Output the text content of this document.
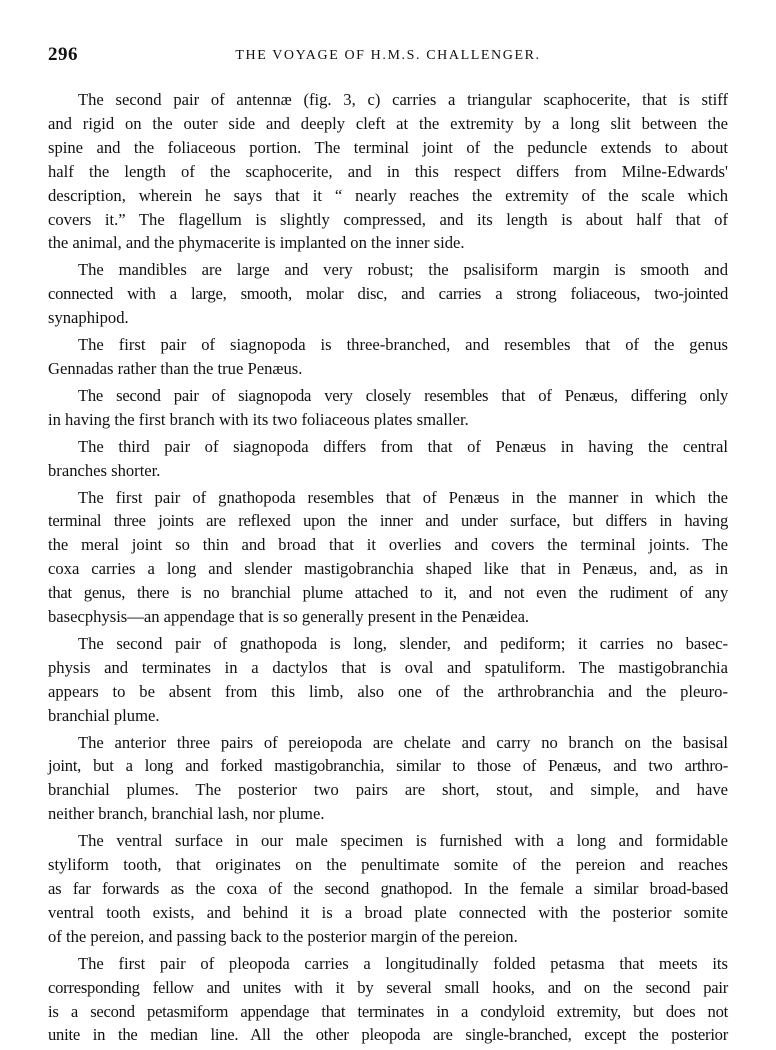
296	THE VOYAGE OF H.M.S. CHALLENGER.
The second pair of antennæ (fig. 3, c) carries a triangular scaphocerite, that is stiff
and rigid on the outer side and deeply cleft at the extremity by a long slit between the
spine and the foliaceous portion. The terminal joint of the peduncle extends to about
half the length of the scaphocerite, and in this respect differs from Milne-Edwards'
description, wherein he says that it “ nearly reaches the extremity of the scale which
covers it.” The flagellum is slightly compressed, and its length is about half that of
the animal, and the phymacerite is implanted on the inner side.
The mandibles are large and very robust; the psalisiform margin is smooth and
connected with a large, smooth, molar disc, and carries a strong foliaceous, two-jointed
synaphipod.
The first pair of siagnopoda is three-branched, and resembles that of the genus
Gennadas rather than the true Penæus.
The second pair of siagnopoda very closely resembles that of Penæus, differing only
in having the first branch with its two foliaceous plates smaller.
The third pair of siagnopoda differs from that of Penæus in having the central
branches shorter.
The first pair of gnathopoda resembles that of Penæus in the manner in which the
terminal three joints are reflexed upon the inner and under surface, but differs in having
the meral joint so thin and broad that it overlies and covers the terminal joints. The
coxa carries a long and slender mastigobranchia shaped like that in Penæus, and, as in
that genus, there is no branchial plume attached to it, and not even the rudiment of any
basecphysis—an appendage that is so generally present in the Penæidea.
The second pair of gnathopoda is long, slender, and pediform; it carries no basec-
physis and terminates in a dactylos that is oval and spatuliform. The mastigobranchia
appears to be absent from this limb, also one of the arthrobranchia and the pleuro-
branchial plume.
The anterior three pairs of pereiopoda are chelate and carry no branch on the basisal
joint, but a long and forked mastigobranchia, similar to those of Penæus, and two arthro-
branchial plumes. The posterior two pairs are short, stout, and simple, and have
neither branch, branchial lash, nor plume.
The ventral surface in our male specimen is furnished with a long and formidable
styliform tooth, that originates on the penultimate somite of the pereion and reaches
as far forwards as the coxa of the second gnathopod. In the female a similar broad-based
ventral tooth exists, and behind it is a broad plate connected with the posterior somite
of the pereion, and passing back to the posterior margin of the pereion.
The first pair of pleopoda carries a longitudinally folded petasma that meets its
corresponding fellow and unites with it by several small hooks, and on the second pair
is a second petasmiform appendage that terminates in a condyloid extremity, but does not
unite in the median line. All the other pleopoda are single-branched, except the posterior
